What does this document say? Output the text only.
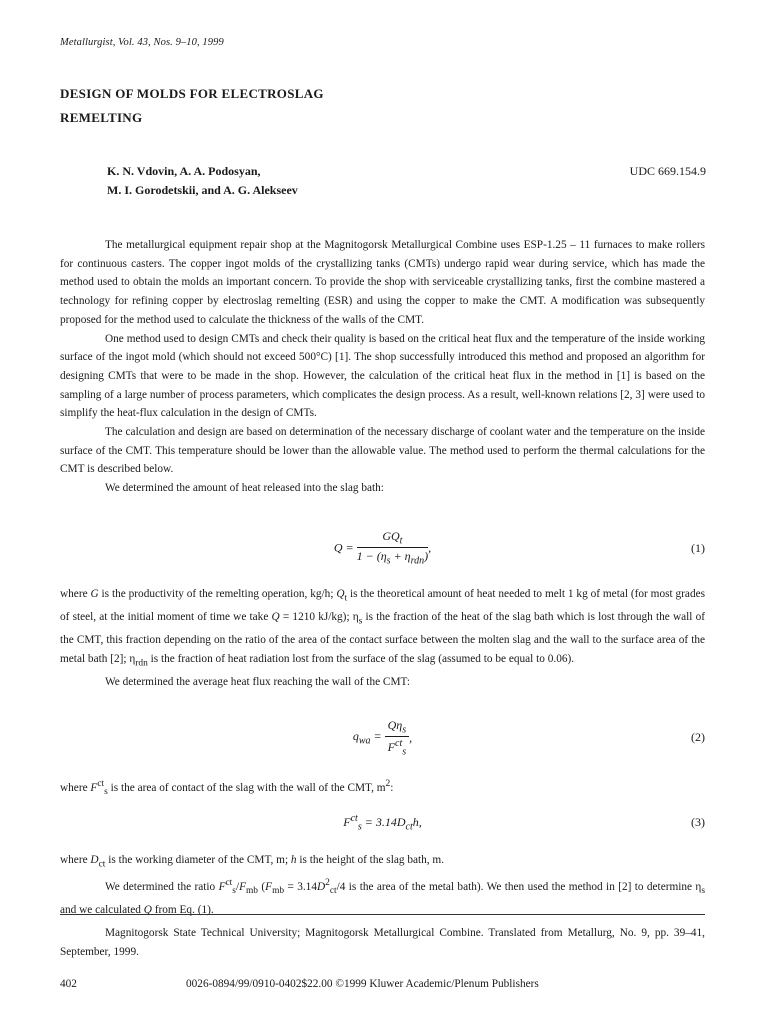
Metallurgist, Vol. 43, Nos. 9–10, 1999
DESIGN OF MOLDS FOR ELECTROSLAG
REMELTING
K. N. Vdovin, A. A. Podosyan,
M. I. Gorodetskii, and A. G. Alekseev
UDC 669.154.9

The metallurgical equipment repair shop at the Magnitogorsk Metallurgical Combine uses ESP-1.25 – 11 furnaces to make rollers for continuous casters. The copper ingot molds of the crystallizing tanks (CMTs) undergo rapid wear during service, which has made the method used to obtain the molds an important concern. To provide the shop with serviceable crystallizing tanks, first the combine mastered a technology for refining copper by electroslag remelting (ESR) and using the copper to make the CMT. A modification was subsequently proposed for the method used to calculate the thickness of the walls of the CMT.

One method used to design CMTs and check their quality is based on the critical heat flux and the temperature of the inside working surface of the ingot mold (which should not exceed 500°C) [1]. The shop successfully introduced this method and proposed an algorithm for designing CMTs that were to be made in the shop. However, the calculation of the critical heat flux in the method in [1] is based on the sampling of a large number of process parameters, which complicates the design process. As a result, well-known relations [2, 3] were used to simplify the heat-flux calculation in the design of CMTs.

The calculation and design are based on determination of the necessary discharge of coolant water and the temperature on the inside surface of the CMT. This temperature should be lower than the allowable value. The method used to perform the thermal calculations for the CMT is described below.

We determined the amount of heat released into the slag bath:

$Q = \frac{GQ_t}{1 - (\eta_s + \eta_{rdn})}$ ,	(1)

where G is the productivity of the remelting operation, kg/h; $Q_t$ is the theoretical amount of heat needed to melt 1 kg of metal (for most grades of steel, at the initial moment of time we take Q = 1210 kJ/kg); $\eta_s$ is the fraction of the heat of the slag bath which is lost through the wall of the CMT, this fraction depending on the ratio of the area of the contact surface between the molten slag and the wall to the surface area of the metal bath [2]; $\eta_{rdn}$ is the fraction of heat radiation lost from the surface of the slag (assumed to be equal to 0.06).

We determined the average heat flux reaching the wall of the CMT:

$q_{wa} = \frac{Q\eta_s}{F^{ct}_s}$ ,	(2)

where $F^{ct}_s$ is the area of contact of the slag with the wall of the CMT, $m^2$:

$F^{ct}_s = 3.14D_{ct}h$,	(3)

where $D_{ct}$ is the working diameter of the CMT, m; h is the height of the slag bath, m.

We determined the ratio $F^{ct}_s/F_{mb}$ ($F_{mb} = 3.14D^2_{ct}/4$ is the area of the metal bath). We then used the method in [2] to determine $\eta_s$ and we calculated Q from Eq. (1).

Magnitogorsk State Technical University; Magnitogorsk Metallurgical Combine. Translated from Metallurg, No. 9, pp. 39–41, September, 1999.

402	0026-0894/99/0910-0402$22.00 ©1999 Kluwer Academic/Plenum Publishers
